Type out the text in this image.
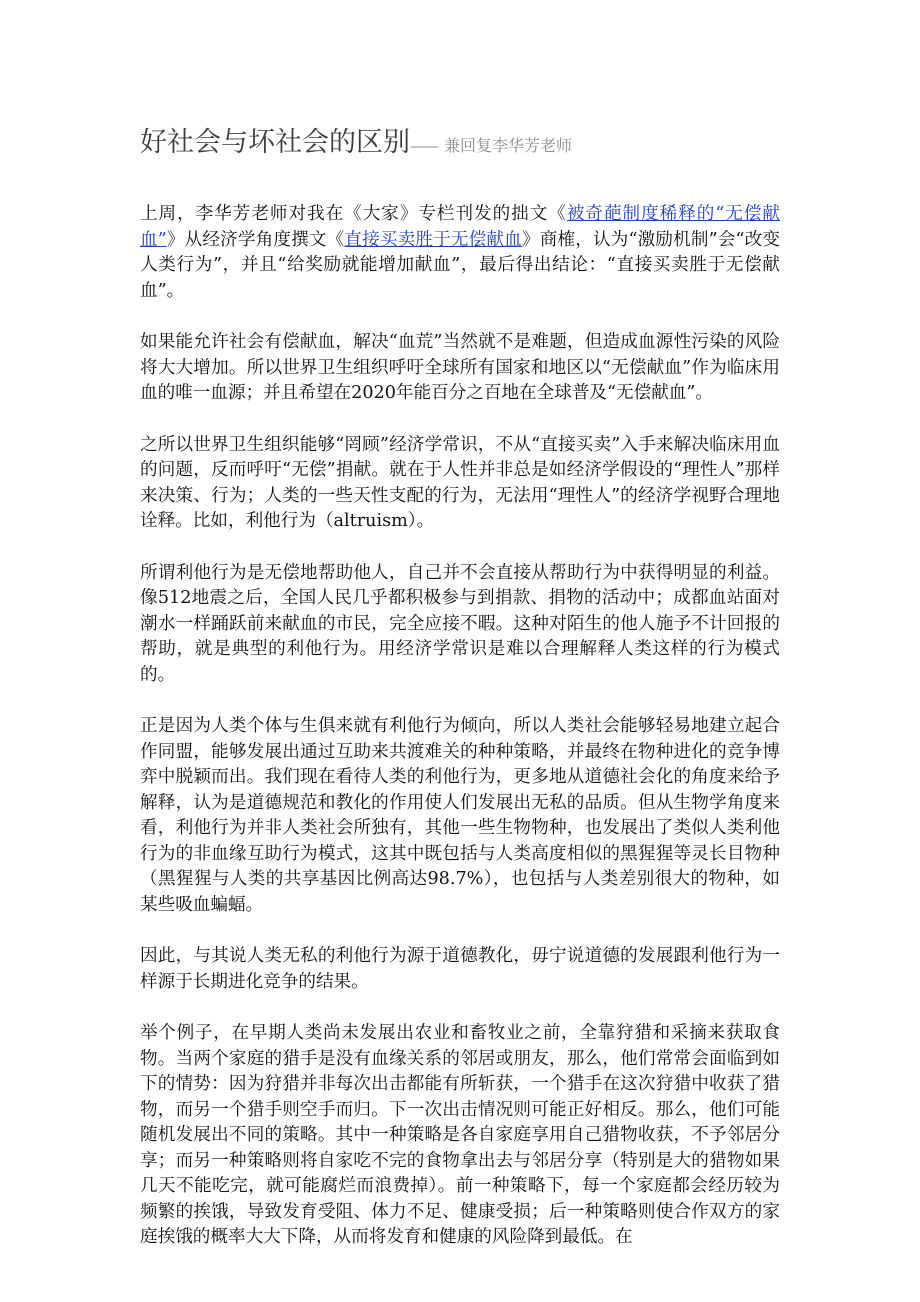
好社会与坏社会的区别—— 兼回复李华芳老师

上周，李华芳老师对我在《大家》专栏刊发的拙文《被奇葩制度稀释的“无偿献血”》从经济学角度撰文《直接买卖胜于无偿献血》商榷，认为“激励机制”会“改变人类行为”，并且“给奖励就能增加献血”，最后得出结论：“直接买卖胜于无偿献血”。

如果能允许社会有偿献血，解决“血荒”当然就不是难题，但造成血源性污染的风险将大大增加。所以世界卫生组织呼吁全球所有国家和地区以“无偿献血”作为临床用血的唯一血源；并且希望在2020年能百分之百地在全球普及“无偿献血”。

之所以世界卫生组织能够“罔顾”经济学常识，不从“直接买卖”入手来解决临床用血的问题，反而呼吁“无偿”捐献。就在于人性并非总是如经济学假设的“理性人”那样来决策、行为；人类的一些天性支配的行为，无法用“理性人”的经济学视野合理地诠释。比如，利他行为（altruism）。

所谓利他行为是无偿地帮助他人，自己并不会直接从帮助行为中获得明显的利益。像512地震之后，全国人民几乎都积极参与到捐款、捐物的活动中；成都血站面对潮水一样踊跃前来献血的市民，完全应接不暇。这种对陌生的他人施予不计回报的帮助，就是典型的利他行为。用经济学常识是难以合理解释人类这样的行为模式的。

正是因为人类个体与生俱来就有利他行为倾向，所以人类社会能够轻易地建立起合作同盟，能够发展出通过互助来共渡难关的种种策略，并最终在物种进化的竞争博弈中脱颖而出。我们现在看待人类的利他行为，更多地从道德社会化的角度来给予解释，认为是道德规范和教化的作用使人们发展出无私的品质。但从生物学角度来看，利他行为并非人类社会所独有，其他一些生物物种，也发展出了类似人类利他行为的非血缘互助行为模式，这其中既包括与人类高度相似的黑猩猩等灵长目物种（黑猩猩与人类的共享基因比例高达98.7%），也包括与人类差别很大的物种，如某些吸血蝙蝠。

因此，与其说人类无私的利他行为源于道德教化，毋宁说道德的发展跟利他行为一样源于长期进化竞争的结果。

举个例子，在早期人类尚未发展出农业和畜牧业之前，全靠狩猎和采摘来获取食物。当两个家庭的猎手是没有血缘关系的邻居或朋友，那么，他们常常会面临到如下的情势：因为狩猎并非每次出击都能有所斩获，一个猎手在这次狩猎中收获了猎物，而另一个猎手则空手而归。下一次出击情况则可能正好相反。那么，他们可能随机发展出不同的策略。其中一种策略是各自家庭享用自己猎物收获，不予邻居分享；而另一种策略则将自家吃不完的食物拿出去与邻居分享（特别是大的猎物如果几天不能吃完，就可能腐烂而浪费掉）。前一种策略下，每一个家庭都会经历较为频繁的挨饿，导致发育受阻、体力不足、健康受损；后一种策略则使合作双方的家庭挨饿的概率大大下降，从而将发育和健康的风险降到最低。在
